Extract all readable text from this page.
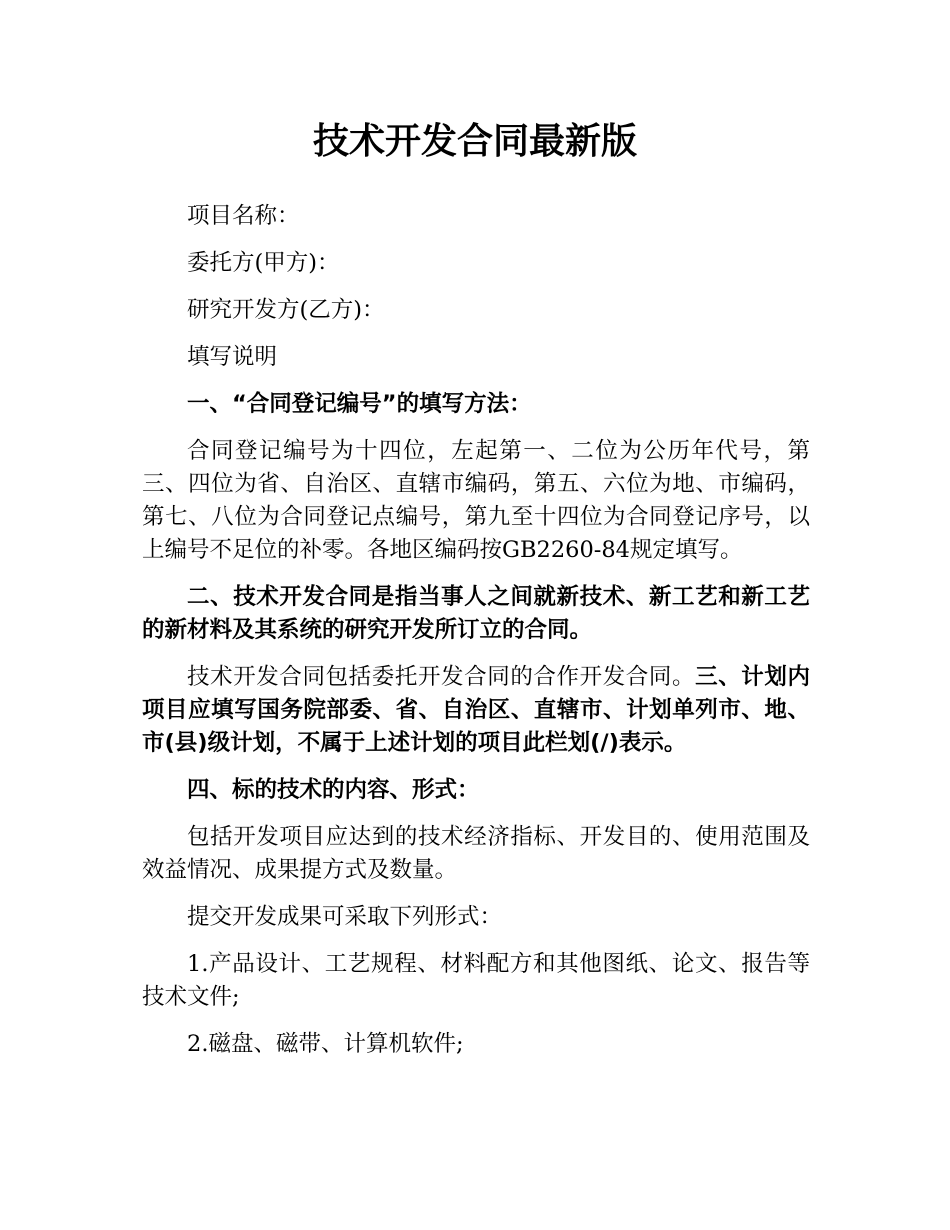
技术开发合同最新版

项目名称：

委托方(甲方)：

研究开发方(乙方)：

填写说明

一、“合同登记编号”的填写方法：

合同登记编号为十四位，左起第一、二位为公历年代号，第三、四位为省、自治区、直辖市编码，第五、六位为地、市编码，第七、八位为合同登记点编号，第九至十四位为合同登记序号，以上编号不足位的补零。各地区编码按GB2260-84规定填写。

二、技术开发合同是指当事人之间就新技术、新工艺和新工艺的新材料及其系统的研究开发所订立的合同。

技术开发合同包括委托开发合同的合作开发合同。三、计划内项目应填写国务院部委、省、自治区、直辖市、计划单列市、地、市(县)级计划，不属于上述计划的项目此栏划(/)表示。

四、标的技术的内容、形式：

包括开发项目应达到的技术经济指标、开发目的、使用范围及效益情况、成果提方式及数量。

提交开发成果可采取下列形式：

1.产品设计、工艺规程、材料配方和其他图纸、论文、报告等技术文件;

2.磁盘、磁带、计算机软件;
